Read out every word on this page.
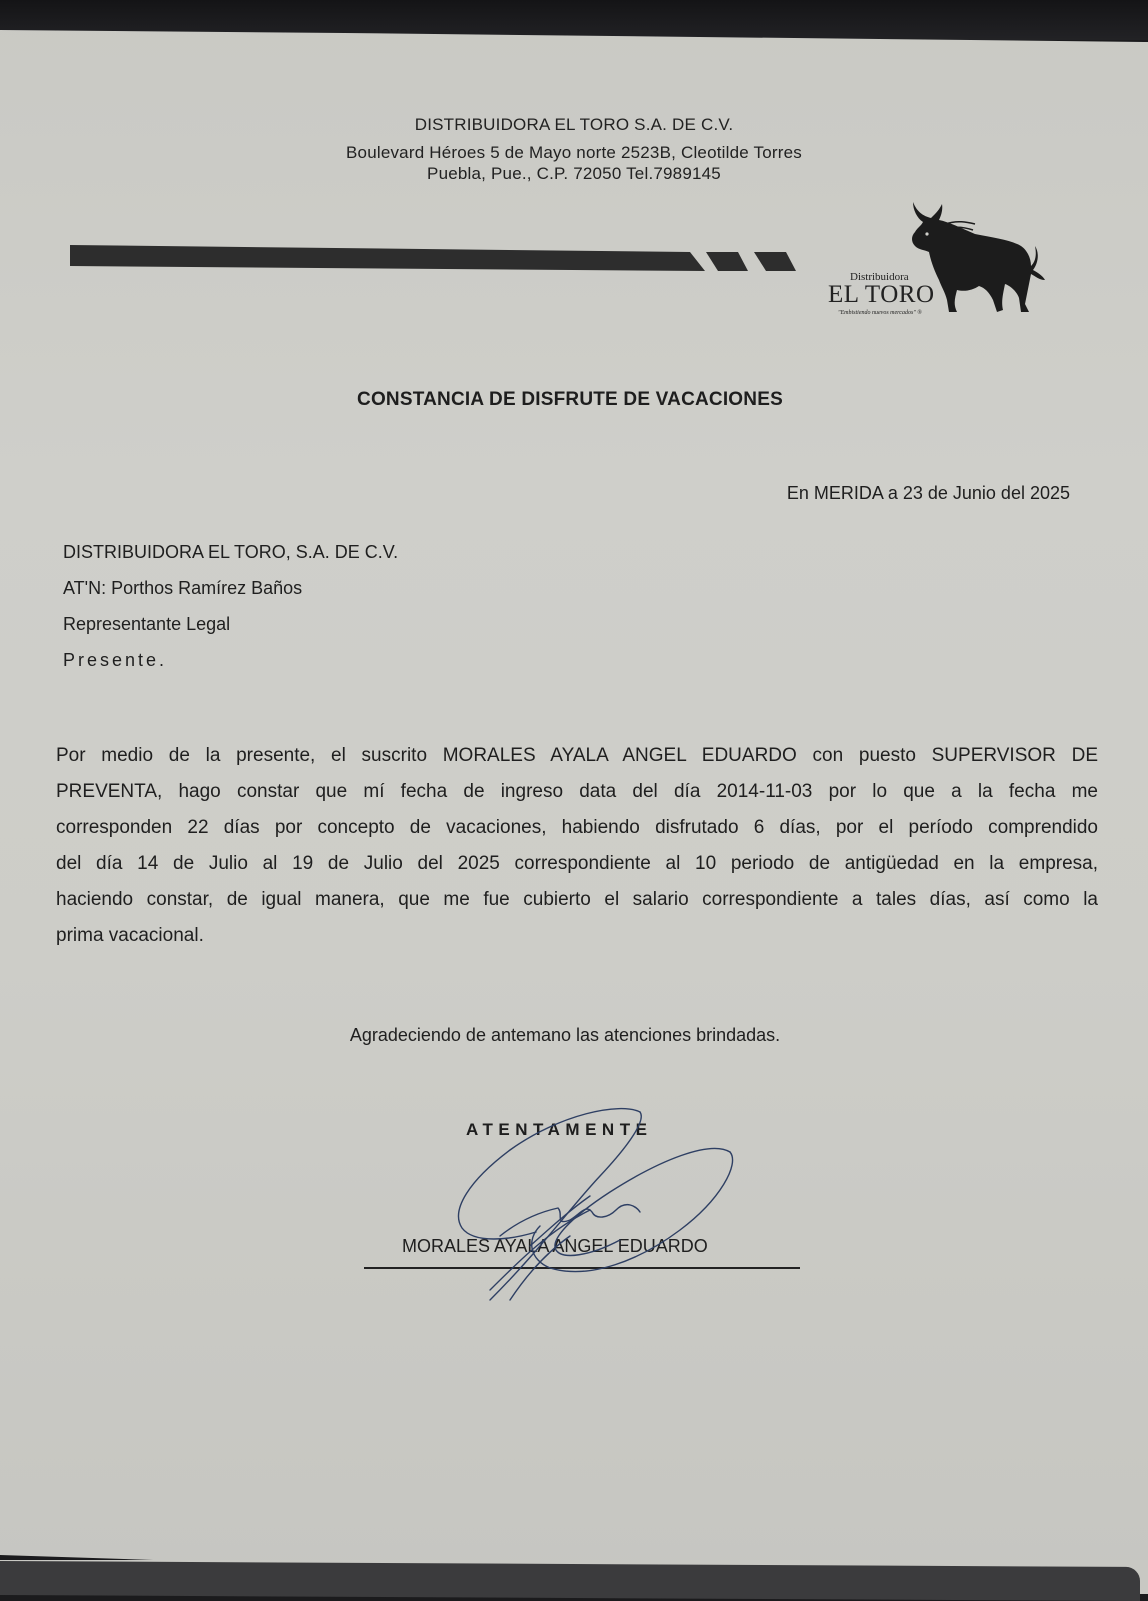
DISTRIBUIDORA EL TORO S.A. DE C.V.
Boulevard Héroes 5 de Mayo norte 2523B, Cleotilde Torres
Puebla, Pue., C.P. 72050 Tel.7989145
Distribuidora
EL TORO
"Embistiendo nuevos mercados" ®
CONSTANCIA DE DISFRUTE DE VACACIONES
En MERIDA a 23 de Junio del 2025
DISTRIBUIDORA EL TORO, S.A. DE C.V.
AT'N: Porthos Ramírez Baños
Representante Legal
Presente.
Por medio de la presente, el suscrito MORALES AYALA ANGEL EDUARDO con puesto SUPERVISOR DE
PREVENTA, hago constar que mí fecha de ingreso data del día 2014-11-03 por lo que a la fecha me
corresponden 22 días por concepto de vacaciones, habiendo disfrutado 6 días, por el período comprendido
del día 14 de Julio al 19 de Julio del 2025 correspondiente al 10 periodo de antigüedad en la empresa,
haciendo constar, de igual manera, que me fue cubierto el salario correspondiente a tales días, así como la
prima vacacional.
Agradeciendo de antemano las atenciones brindadas.
ATENTAMENTE
MORALES AYALA ANGEL EDUARDO
